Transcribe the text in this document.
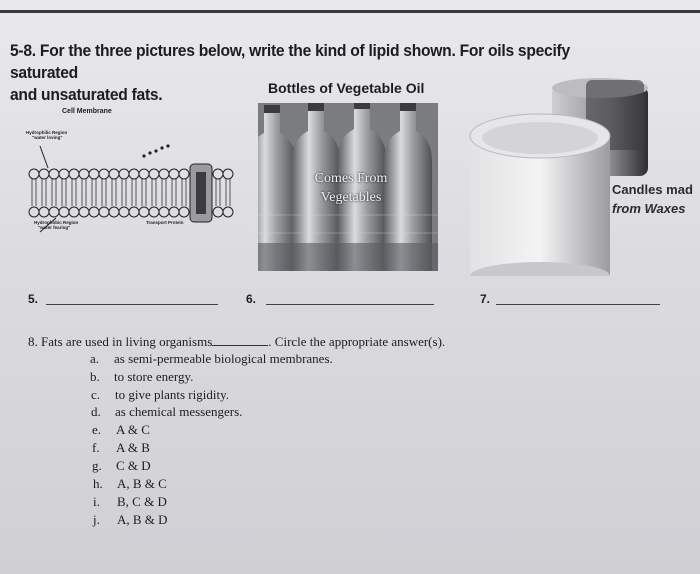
5-8. For the three pictures below, write the kind of lipid shown. For oils specify saturated
and unsaturated fats.	Bottles of Vegetable Oil
Cell Membrane
Hydrophilic Region
"water loving"
Hydrophobic Region
"water fearing"
Transport Protein
Comes From
Vegetables
Candles mad
from Waxes
5.	6.	7.
8. Fats are used in living organisms	. Circle the appropriate answer(s).
a. as semi-permeable biological membranes.
b. to store energy.
c. to give plants rigidity.
d. as chemical messengers.
e. A & C
f. A & B
g. C & D
h. A, B & C
i. B, C & D
j. A, B & D
